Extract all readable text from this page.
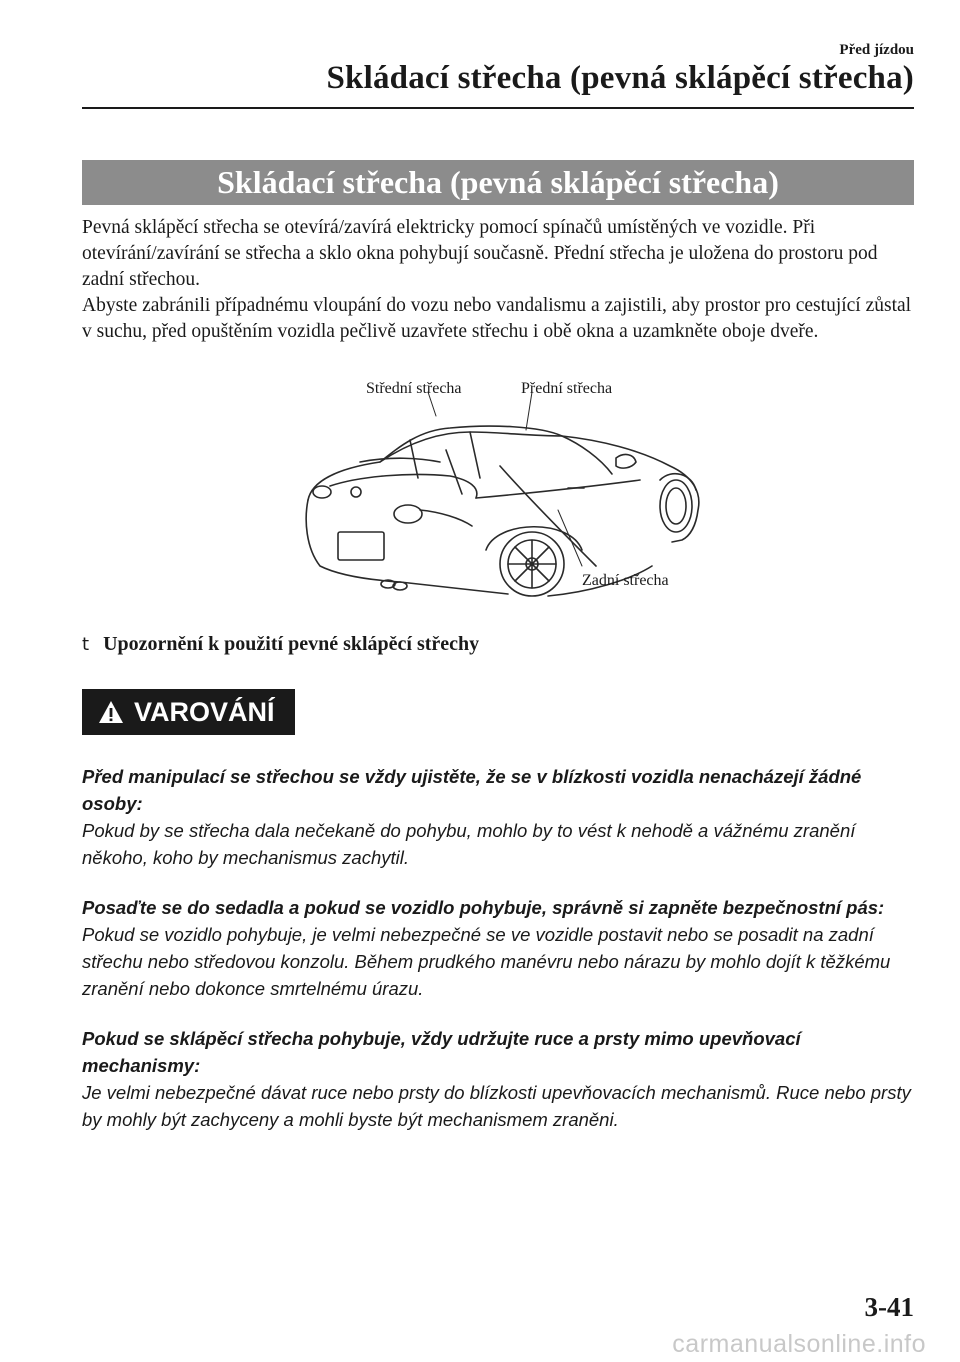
Před jízdou
Skládací střecha (pevná sklápěcí střecha)
Skládací střecha (pevná sklápěcí střecha)

Pevná sklápěcí střecha se otevírá/zavírá elektricky pomocí spínačů umístěných ve vozidle. Při otevírání/zavírání se střecha a sklo okna pohybují současně. Přední střecha je uložena do prostoru pod zadní střechou.

Abyste zabránili případnému vloupání do vozu nebo vandalismu a zajistili, aby prostor pro cestující zůstal v suchu, před opuštěním vozidla pečlivě uzavřete střechu i obě okna a uzamkněte oboje dveře.

Střední střecha	Přední střecha
Zadní střecha
t Upozornění k použití pevné sklápěcí střechy
VAROVÁNÍ

Před manipulací se střechou se vždy ujistěte, že se v blízkosti vozidla nenacházejí žádné osoby:

Pokud by se střecha dala nečekaně do pohybu, mohlo by to vést k nehodě a vážnému zranění někoho, koho by mechanismus zachytil.

Posaďte se do sedadla a pokud se vozidlo pohybuje, správně si zapněte bezpečnostní pás:

Pokud se vozidlo pohybuje, je velmi nebezpečné se ve vozidle postavit nebo se posadit na zadní střechu nebo středovou konzolu. Během prudkého manévru nebo nárazu by mohlo dojít k těžkému zranění nebo dokonce smrtelnému úrazu.

Pokud se sklápěcí střecha pohybuje, vždy udržujte ruce a prsty mimo upevňovací mechanismy:

Je velmi nebezpečné dávat ruce nebo prsty do blízkosti upevňovacích mechanismů. Ruce nebo prsty by mohly být zachyceny a mohli byste být mechanismem zraněni.

3-41
carmanualsonline.info
